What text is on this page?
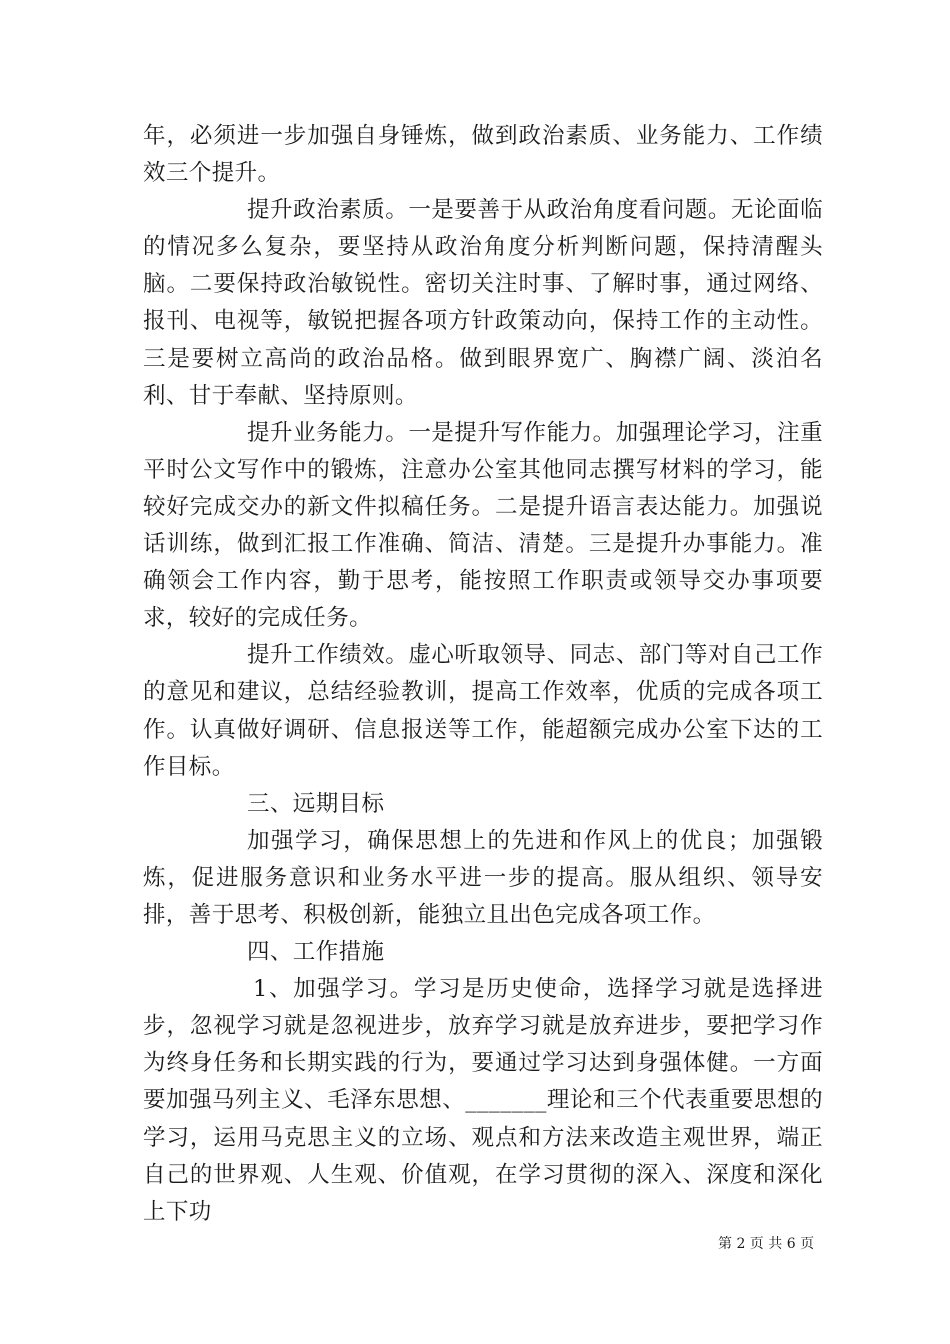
年，必须进一步加强自身锤炼，做到政治素质、业务能力、工作绩效三个提升。

提升政治素质。一是要善于从政治角度看问题。无论面临的情况多么复杂，要坚持从政治角度分析判断问题，保持清醒头脑。二要保持政治敏锐性。密切关注时事、了解时事，通过网络、报刊、电视等，敏锐把握各项方针政策动向，保持工作的主动性。三是要树立高尚的政治品格。做到眼界宽广、胸襟广阔、淡泊名利、甘于奉献、坚持原则。

提升业务能力。一是提升写作能力。加强理论学习，注重平时公文写作中的锻炼，注意办公室其他同志撰写材料的学习，能较好完成交办的新文件拟稿任务。二是提升语言表达能力。加强说话训练，做到汇报工作准确、简洁、清楚。三是提升办事能力。准确领会工作内容，勤于思考，能按照工作职责或领导交办事项要求，较好的完成任务。

提升工作绩效。虚心听取领导、同志、部门等对自己工作的意见和建议，总结经验教训，提高工作效率，优质的完成各项工作。认真做好调研、信息报送等工作，能超额完成办公室下达的工作目标。

三、远期目标

加强学习，确保思想上的先进和作风上的优良；加强锻炼，促进服务意识和业务水平进一步的提高。服从组织、领导安排，善于思考、积极创新，能独立且出色完成各项工作。

四、工作措施

1、加强学习。学习是历史使命，选择学习就是选择进步，忽视学习就是忽视进步，放弃学习就是放弃进步，要把学习作为终身任务和长期实践的行为，要通过学习达到身强体健。一方面要加强马列主义、毛泽东思想、_______理论和三个代表重要思想的学习，运用马克思主义的立场、观点和方法来改造主观世界，端正自己的世界观、人生观、价值观，在学习贯彻的深入、深度和深化上下功

第 2 页 共 6 页
